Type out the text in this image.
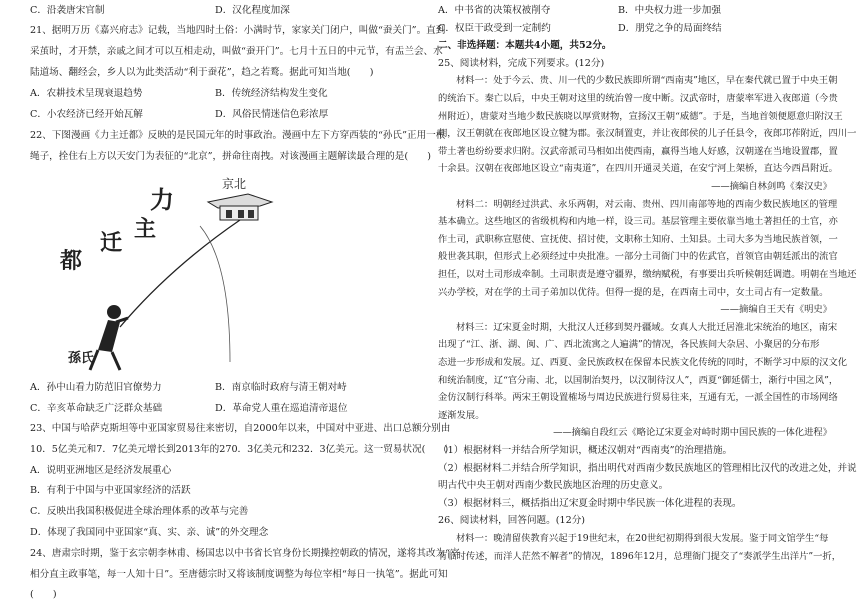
C．沿袭唐宋官制	D．汉化程度加深
21、据明万历《嘉兴府志》记载，当地四时土俗：小满时节，家家关门闭户，叫做“蚕关门”。直到
采茧时，才开禁，亲戚之间才可以互相走动，叫做“蚕开门”。七月十五日的中元节，有盂兰会、水
陆道场、翻经会，乡人以为此类活动“利于蚕花”，趋之若鹜。据此可知当地(　　)
A．农耕技术呈现衰退趋势	B．传统经济结构发生变化
C．小农经济已经开始瓦解	D．风俗民情迷信色彩浓厚
22、下图漫画《力主迁都》反映的是民国元年的时事政治。漫画中左下方穿西装的“孙氏”正用一根
绳子，拴住右上方以天安门为表征的“北京”，拼命往南拽。对该漫画主题解读最合理的是(　　)
力
主
迁
都
京北
孫氏
A．孙中山看力防范旧官僚势力	B．南京临时政府与清王朝对峙
C．辛亥革命缺乏广泛群众基础	D．革命党人重在巡追清帝退位
23、中国与哈萨克斯坦等中亚国家贸易往来密切，自2000年以来，中国对中亚进、出口总额分别由
10．5亿美元和7．7亿美元增长到2013年的270．3亿美元和232．3亿美元。这一贸易状况(　　)
A．说明亚洲地区是经济发展重心
B．有利于中国与中亚国家经济的活跃
C．反映出我国积极促进全球治理体系的改革与完善
D．体现了我国同中亚国家“真、实、亲、诚”的外交理念
24、唐肃宗时期，鉴于玄宗朝李林甫、杨国忠以中书省长官身份长期操控朝政的情况，遂将其改为“宰
相分直主政事笔，每一人知十日”。至唐德宗时又将该制度调整为每位宰相“每日一执笔”。据此可知
(　　)
A．中书省的决策权被削夺	B．中央权力进一步加强
C．权臣干政受到一定制约	D．朋党之争的局面终结
二、非选择题：本题共4小题，共52分。
25、阅读材料，完成下列要求。(12分)
材料一：处于今云、贵、川一代的少数民族即所谓“西南夷”地区，早在秦代就已置于中央王朝
的统治下。秦亡以后，中央王朝对这里的统治曾一度中断。汉武帝时，唐蒙率军进入夜郎道（今贵
州附近），唐蒙对当地少数民族晓以厚赏财物，宣扬汉王朝“威德”。于是，当地首领便愿意归附汉王
朝，汉王朝就在夜郎地区设立犍为郡。张汉制置吏，并让夜郎侯的儿子任县令，夜郎邛莋附近，四川一
带土著也纷纷要求归附。汉武帝派司马相如出使西南，赢得当地人好感，汉朝遂在当地设置郡，置
十余县。汉朝在夜郎地区设立“南夷道”，在四川开通灵关道，在安宁河上架桥，直达今西昌附近。
——摘编自林剑鸣《秦汉史》
材料二：明朝经过洪武、永乐两朝，对云南、贵州、四川南部等地的西南少数民族地区的管理
基本确立。这些地区的省级机构和内地一样，设三司。基层管理主要依靠当地土著担任的土官，亦
作土司，武职称宣慰使、宣抚使、招讨使，文职称土知府、土知县。土司大多为当地民族首领，一
般世袭其职，但形式上必须经过中央批准。一部分土司衙门中的佐武官，首领官由朝廷派出的流官
担任，以对土司形成牵制。土司职责是遵守疆界，缴纳赋税，有事要出兵听候朝廷调遣。明朝在当地还
兴办学校，对在学的土司子弟加以优待。但得一提的是，在西南土司中，女土司占有一定数量。
——摘编自王天有《明史》
材料三：辽宋夏金时期，大批汉人迁移到契丹疆域。女真人大批迁居淮北宋统治的地区，南宋
出现了“江、浙、湖、闽、广、西北流寓之人遍满”的情况，各民族间大杂居、小聚居的分布形
态进一步形成和发展。辽、西夏、金民族政权在保留本民族文化传统的同时，不断学习中原的汉文化
和统治制度，辽“官分南、北，以国制治契丹，以汉制待汉人”，西夏“御延儒士，渐行中国之风”，
金仿汉制行科举。两宋王朝设置榷场与周边民族进行贸易往来，互通有无，一派全国性的市场网络
逐渐发展。
——摘编自段红云《略论辽宋夏金对峙时期中国民族的一体化进程》
（1）根据材料一并结合所学知识，概述汉朝对“西南夷”的治理措施。
（2）根据材料二并结合所学知识，指出明代对西南少数民族地区的管理相比汉代的改进之处，并说
明古代中央王朝对西南少数民族地区治理的历史意义。
（3）根据材料三，概括指出辽宋夏金时期中华民族一体化进程的表现。
26、阅读材料，回答问题。(12分)
材料一：晚清留侠教育兴起于19世纪末，在20世纪初期得到很大发展。鉴于同文馆学生“每
有临时传述，而洋人茫然不解者”的情况，1896年12月，总理衙门提交了“奏派学生出洋片”一折，
